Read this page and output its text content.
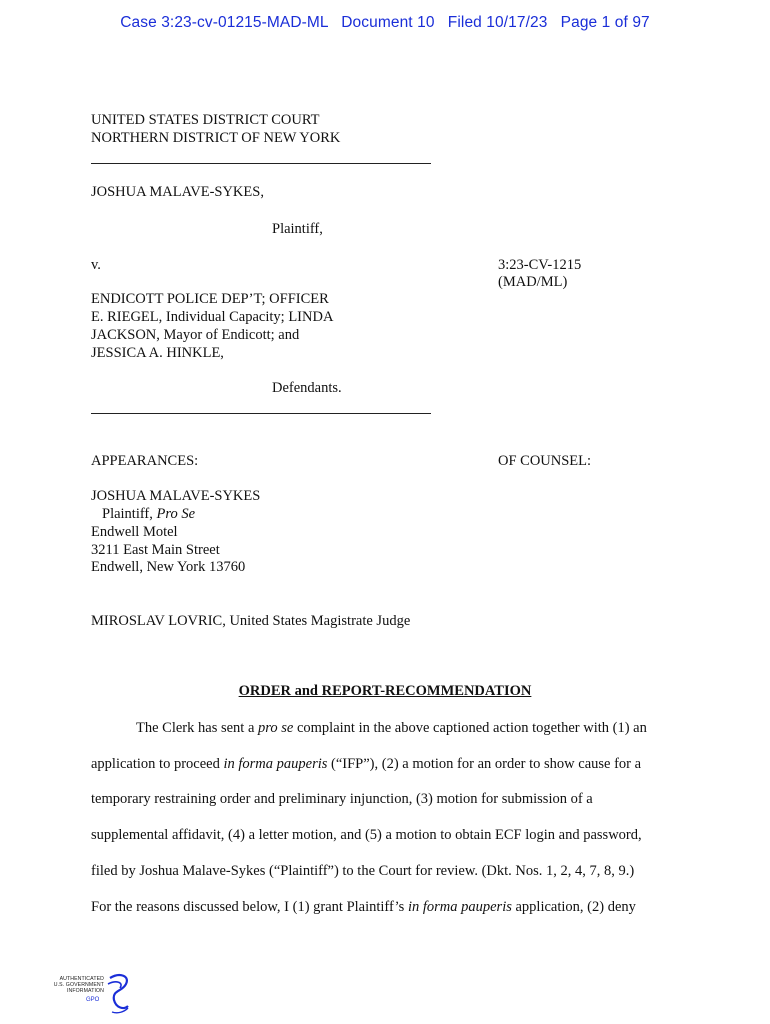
Case 3:23-cv-01215-MAD-ML Document 10 Filed 10/17/23 Page 1 of 97
UNITED STATES DISTRICT COURT
NORTHERN DISTRICT OF NEW YORK
JOSHUA MALAVE-SYKES,
Plaintiff,
v.	3:23-CV-1215
(MAD/ML)
ENDICOTT POLICE DEP’T; OFFICER
E. RIEGEL, Individual Capacity; LINDA
JACKSON, Mayor of Endicott; and
JESSICA A. HINKLE,
Defendants.
APPEARANCES:	OF COUNSEL:
JOSHUA MALAVE-SYKES
Plaintiff, Pro Se
Endwell Motel
3211 East Main Street
Endwell, New York 13760
MIROSLAV LOVRIC, United States Magistrate Judge
ORDER and REPORT-RECOMMENDATION
The Clerk has sent a pro se complaint in the above captioned action together with (1) an
application to proceed in forma pauperis (“IFP”), (2) a motion for an order to show cause for a
temporary restraining order and preliminary injunction, (3) motion for submission of a
supplemental affidavit, (4) a letter motion, and (5) a motion to obtain ECF login and password,
filed by Joshua Malave-Sykes (“Plaintiff”) to the Court for review. (Dkt. Nos. 1, 2, 4, 7, 8, 9.)
For the reasons discussed below, I (1) grant Plaintiff’s in forma pauperis application, (2) deny
AUTHENTICATED
U.S. GOVERNMENT
INFORMATION
GPO
